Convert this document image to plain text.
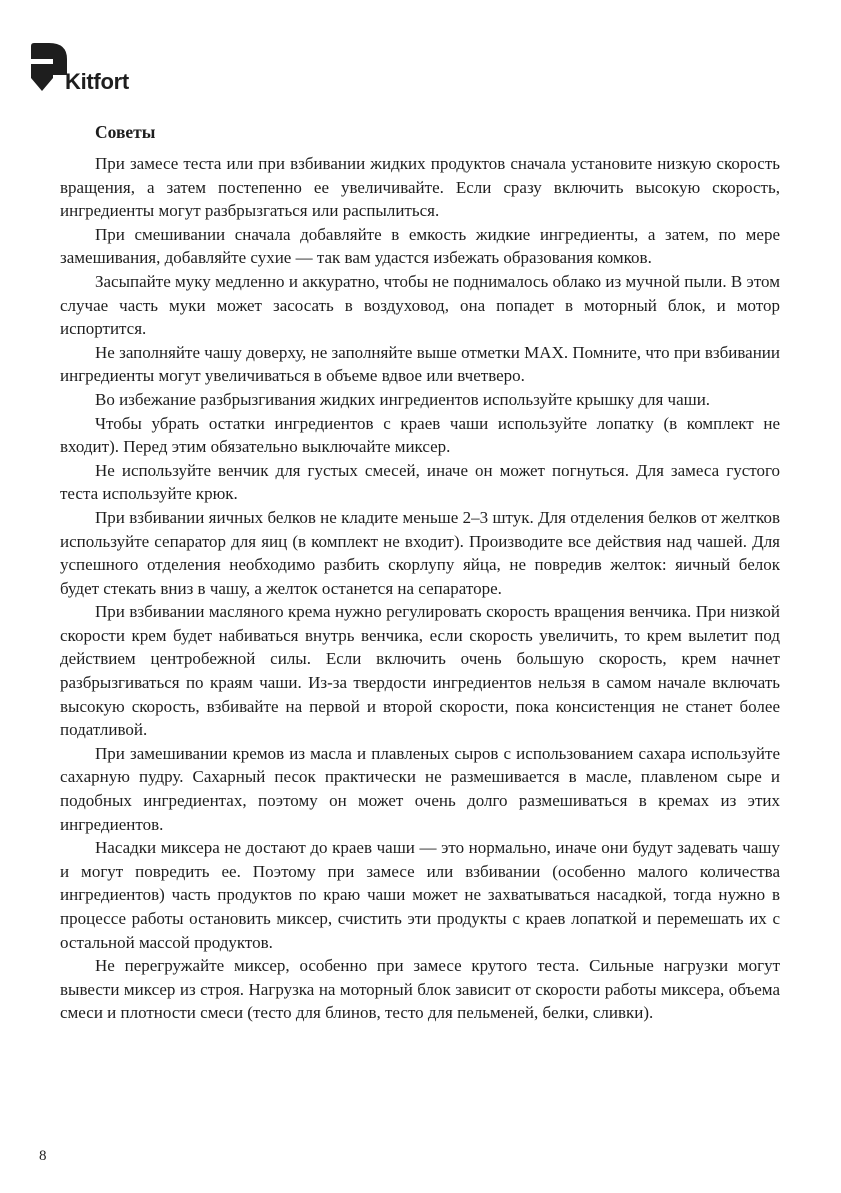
Kitfort
Советы

При замесе теста или при взбивании жидких продуктов сначала установите низкую скорость вращения, а затем постепенно ее увеличивайте. Если сразу включить высокую скорость, ингредиенты могут разбрызгаться или распылиться.

При смешивании сначала добавляйте в емкость жидкие ингредиенты, а затем, по мере замешивания, добавляйте сухие — так вам удастся избежать образования комков.

Засыпайте муку медленно и аккуратно, чтобы не поднималось облако из мучной пыли. В этом случае часть муки может засосать в воздуховод, она попадет в моторный блок, и мотор испортится.

Не заполняйте чашу доверху, не заполняйте выше отметки MAX. Помните, что при взбивании ингредиенты могут увеличиваться в объеме вдвое или вчетверо.

Во избежание разбрызгивания жидких ингредиентов используйте крышку для чаши.

Чтобы убрать остатки ингредиентов с краев чаши используйте лопатку (в комплект не входит). Перед этим обязательно выключайте миксер.

Не используйте венчик для густых смесей, иначе он может погнуться. Для замеса густого теста используйте крюк.

При взбивании яичных белков не кладите меньше 2–3 штук. Для отделения белков от желтков используйте сепаратор для яиц (в комплект не входит). Производите все действия над чашей. Для успешного отделения необходимо разбить скорлупу яйца, не повредив желток: яичный белок будет стекать вниз в чашу, а желток останется на сепараторе.

При взбивании масляного крема нужно регулировать скорость вращения венчика. При низкой скорости крем будет набиваться внутрь венчика, если скорость увеличить, то крем вылетит под действием центробежной силы. Если включить очень большую скорость, крем начнет разбрызгиваться по краям чаши. Из-за твердости ингредиентов нельзя в самом начале включать высокую скорость, взбивайте на первой и второй скорости, пока консистенция не станет более податливой.

При замешивании кремов из масла и плавленых сыров с использованием сахара используйте сахарную пудру. Сахарный песок практически не размешивается в масле, плавленом сыре и подобных ингредиентах, поэтому он может очень долго размешиваться в кремах из этих ингредиентов.

Насадки миксера не достают до краев чаши — это нормально, иначе они будут задевать чашу и могут повредить ее. Поэтому при замесе или взбивании (особенно малого количества ингредиентов) часть продуктов по краю чаши может не захватываться насадкой, тогда нужно в процессе работы остановить миксер, счистить эти продукты с краев лопаткой и перемешать их с остальной массой продуктов.

Не перегружайте миксер, особенно при замесе крутого теста. Сильные нагрузки могут вывести миксер из строя. Нагрузка на моторный блок зависит от скорости работы миксера, объема смеси и плотности смеси (тесто для блинов, тесто для пельменей, белки, сливки).

8
